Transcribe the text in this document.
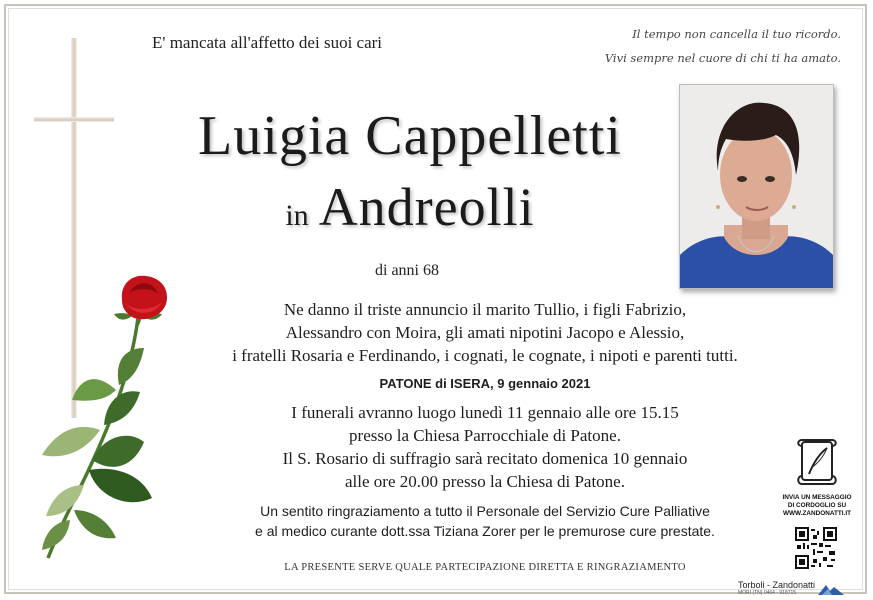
E' mancata all'affetto dei suoi cari	Il tempo non cancella il tuo ricordo.
Vivi sempre nel cuore di chi ti ha amato.
Luigia Cappelletti
in Andreolli
di anni 68
Ne danno il triste annuncio il marito Tullio, i figli Fabrizio,
Alessandro con Moira, gli amati nipotini Jacopo e Alessio,
i fratelli Rosaria e Ferdinando, i cognati, le cognate, i nipoti e parenti tutti.
PATONE di ISERA, 9 gennaio 2021
I funerali avranno luogo lunedì 11 gennaio alle ore 15.15
presso la Chiesa Parrocchiale di Patone.
Il S. Rosario di suffragio sarà recitato domenica 10 gennaio
alle ore 20.00 presso la Chiesa di Patone.
Un sentito ringraziamento a tutto il Personale del Servizio Cure Palliative
e al medico curante dott.ssa Tiziana Zorer per le premurose cure prestate.
LA PRESENTE SERVE QUALE PARTECIPAZIONE DIRETTA E RINGRAZIAMENTO
INVIA UN MESSAGGIO
DI CORDOGLIO SU
WWW.ZANDONATTI.IT
Torboli - Zandonatti
MORI (TN) 0464 - 918715
